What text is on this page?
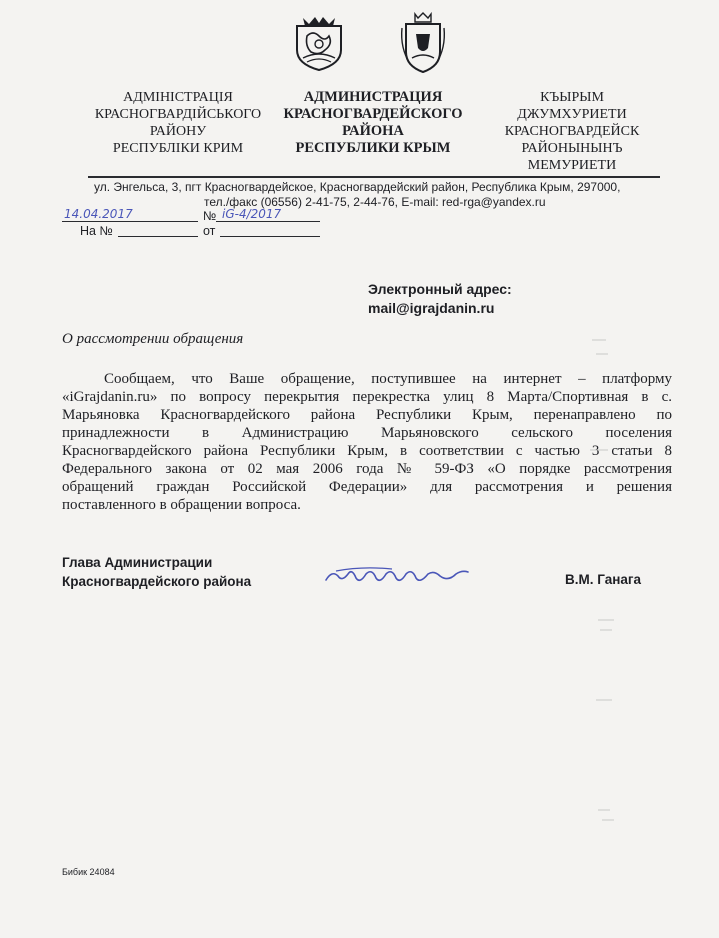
АДМІНІСТРАЦІЯ
КРАСНОГВАРДІЙСЬКОГО
РАЙОНУ
РЕСПУБЛІКИ КРИМ
АДМИНИСТРАЦИЯ
КРАСНОГВАРДЕЙСКОГО
РАЙОНА
РЕСПУБЛИКИ КРЫМ
КЪЫРЫМ
ДЖУМХУРИЕТИ
КРАСНОГВАРДЕЙСК
РАЙОНЫНЫНЪ
МЕМУРИЕТИ
ул. Энгельса, 3, пгт Красногвардейское, Красногвардейский район, Республика Крым, 297000,
тел./факс (06556) 2-41-75, 2-44-76, E-mail: red-rga@yandex.ru
14.04.2017	№ iG-4/2017
На №	от
Электронный адрес:
mail@igrajdanin.ru
О рассмотрении обращения
Сообщаем, что Ваше обращение, поступившее на интернет – платформу
«iGrajdanin.ru» по вопросу перекрытия перекрестка улиц 8 Марта/Спортивная в с.
Марьяновка Красногвардейского района Республики Крым, перенаправлено по
принадлежности в Администрацию Марьяновского сельского поселения
Красногвардейского района Республики Крым, в соответствии с частью 3 статьи 8
Федерального закона от 02 мая 2006 года № 59-ФЗ «О порядке рассмотрения
обращений граждан Российской Федерации» для рассмотрения и решения
поставленного в обращении вопроса.
Глава Администрации
Красногвардейского района	В.М. Ганага
Бибик 24084
